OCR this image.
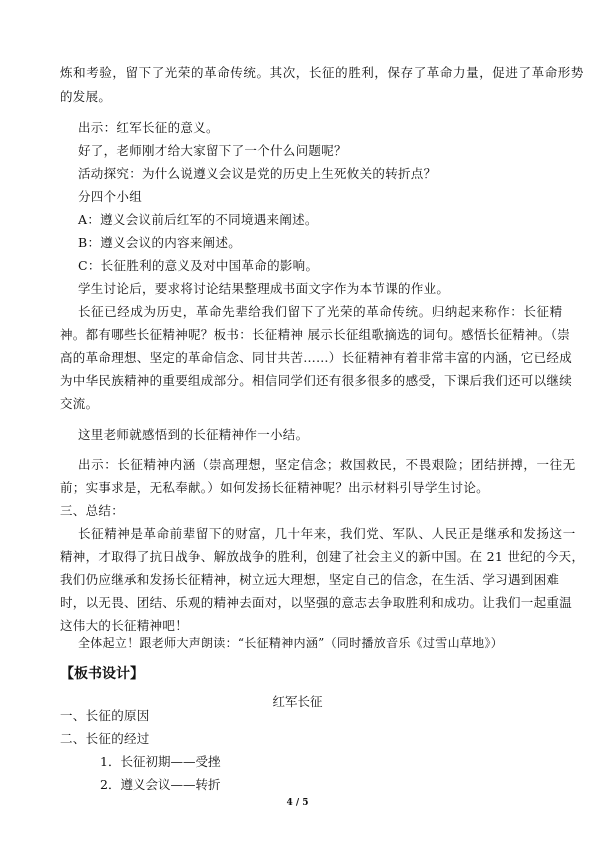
炼和考验，留下了光荣的革命传统。其次，长征的胜利，保存了革命力量，促进了革命形势
的发展。
出示：红军长征的意义。
好了，老师刚才给大家留下了一个什么问题呢？
活动探究：为什么说遵义会议是党的历史上生死攸关的转折点？
分四个小组
A：遵义会议前后红军的不同境遇来阐述。
B：遵义会议的内容来阐述。
C：长征胜利的意义及对中国革命的影响。
学生讨论后，要求将讨论结果整理成书面文字作为本节课的作业。
长征已经成为历史，革命先辈给我们留下了光荣的革命传统。归纳起来称作：长征精
神。都有哪些长征精神呢？板书：长征精神 展示长征组歌摘选的词句。感悟长征精神。（崇
高的革命理想、坚定的革命信念、同甘共苦……）长征精神有着非常丰富的内涵，它已经成
为中华民族精神的重要组成部分。相信同学们还有很多很多的感受，下课后我们还可以继续
交流。
这里老师就感悟到的长征精神作一小结。
出示：长征精神内涵（崇高理想，坚定信念；救国救民，不畏艰险；团结拼搏，一往无
前；实事求是，无私奉献。）如何发扬长征精神呢？出示材料引导学生讨论。
三、总结：
长征精神是革命前辈留下的财富，几十年来，我们党、军队、人民正是继承和发扬这一
精神，才取得了抗日战争、解放战争的胜利，创建了社会主义的新中国。在 21 世纪的今天，
我们仍应继承和发扬长征精神，树立远大理想，坚定自己的信念，在生活、学习遇到困难
时，以无畏、团结、乐观的精神去面对，以坚强的意志去争取胜利和成功。让我们一起重温
这伟大的长征精神吧！
全体起立！跟老师大声朗读：“长征精神内涵”（同时播放音乐《过雪山草地》）
【板书设计】
红军长征
一、长征的原因
二、长征的经过
1．长征初期——受挫
2．遵义会议——转折
4 / 5
